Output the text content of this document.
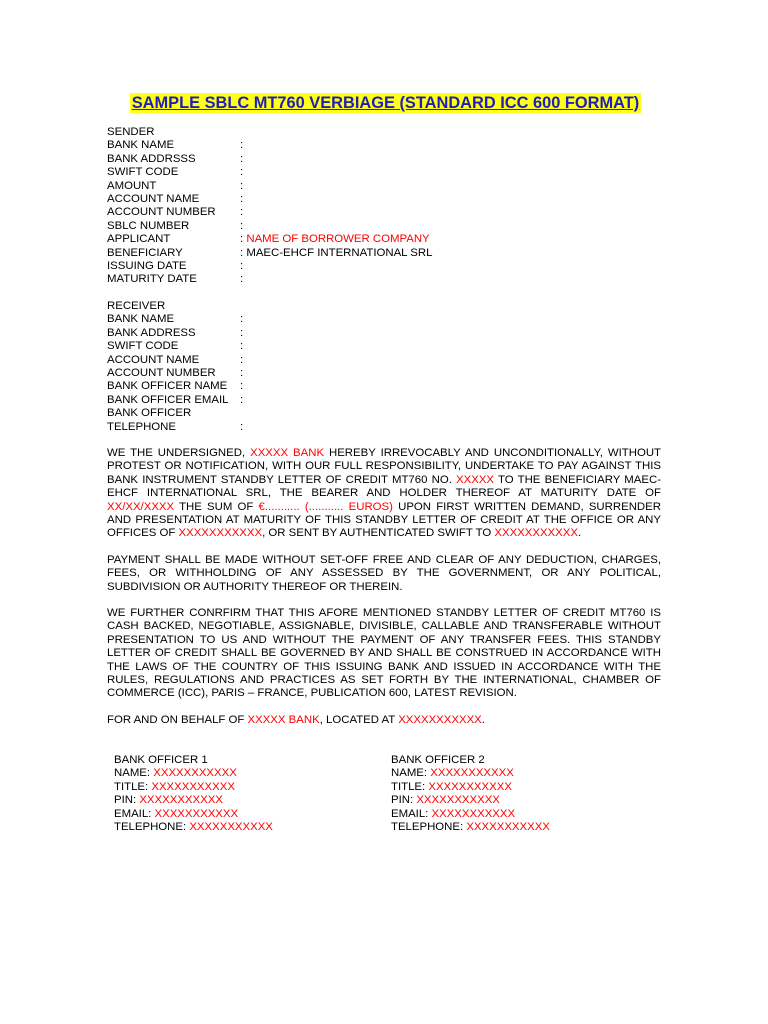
SAMPLE SBLC MT760 VERBIAGE (STANDARD ICC 600 FORMAT)
SENDER
BANK NAME	:
BANK ADDRSSS	:
SWIFT CODE	:
AMOUNT	:
ACCOUNT NAME	:
ACCOUNT NUMBER :
SBLC NUMBER	:
APPLICANT	: NAME OF BORROWER COMPANY
BENEFICIARY	: MAEC-EHCF INTERNATIONAL SRL
ISSUING DATE	:
MATURITY DATE	:
RECEIVER
BANK NAME	:
BANK ADDRESS	:
SWIFT CODE	:
ACCOUNT NAME	:
ACCOUNT NUMBER :
BANK OFFICER NAME :
BANK OFFICER EMAIL :
BANK OFFICER
TELEPHONE	:

WE THE UNDERSIGNED, XXXXX BANK HEREBY IRREVOCABLY AND UNCONDITIONALLY, WITHOUT PROTEST OR NOTIFICATION, WITH OUR FULL RESPONSIBILITY, UNDERTAKE TO PAY AGAINST THIS BANK INSTRUMENT STANDBY LETTER OF CREDIT MT760 NO. XXXXX TO THE BENEFICIARY MAEC-EHCF INTERNATIONAL SRL, THE BEARER AND HOLDER THEREOF AT MATURITY DATE OF XX/XX/XXXX THE SUM OF €........... (........... EUROS) UPON FIRST WRITTEN DEMAND, SURRENDER AND PRESENTATION AT MATURITY OF THIS STANDBY LETTER OF CREDIT AT THE OFFICE OR ANY OFFICES OF XXXXXXXXXXX, OR SENT BY AUTHENTICATED SWIFT TO XXXXXXXXXXX.

PAYMENT SHALL BE MADE WITHOUT SET-OFF FREE AND CLEAR OF ANY DEDUCTION, CHARGES, FEES, OR WITHHOLDING OF ANY ASSESSED BY THE GOVERNMENT, OR ANY POLITICAL, SUBDIVISION OR AUTHORITY THEREOF OR THEREIN.

WE FURTHER CONRFIRM THAT THIS AFORE MENTIONED STANDBY LETTER OF CREDIT MT760 IS CASH BACKED, NEGOTIABLE, ASSIGNABLE, DIVISIBLE, CALLABLE AND TRANSFERABLE WITHOUT PRESENTATION TO US AND WITHOUT THE PAYMENT OF ANY TRANSFER FEES. THIS STANDBY LETTER OF CREDIT SHALL BE GOVERNED BY AND SHALL BE CONSTRUED IN ACCORDANCE WITH THE LAWS OF THE COUNTRY OF THIS ISSUING BANK AND ISSUED IN ACCORDANCE WITH THE RULES, REGULATIONS AND PRACTICES AS SET FORTH BY THE INTERNATIONAL, CHAMBER OF COMMERCE (ICC), PARIS – FRANCE, PUBLICATION 600, LATEST REVISION.

FOR AND ON BEHALF OF XXXXX BANK, LOCATED AT XXXXXXXXXXX.

BANK OFFICER 1
NAME: XXXXXXXXXXX
TITLE: XXXXXXXXXXX
PIN: XXXXXXXXXXX
EMAIL: XXXXXXXXXXX
TELEPHONE: XXXXXXXXXXX
BANK OFFICER 2
NAME: XXXXXXXXXXX
TITLE: XXXXXXXXXXX
PIN: XXXXXXXXXXX
EMAIL: XXXXXXXXXXX
TELEPHONE: XXXXXXXXXXX
